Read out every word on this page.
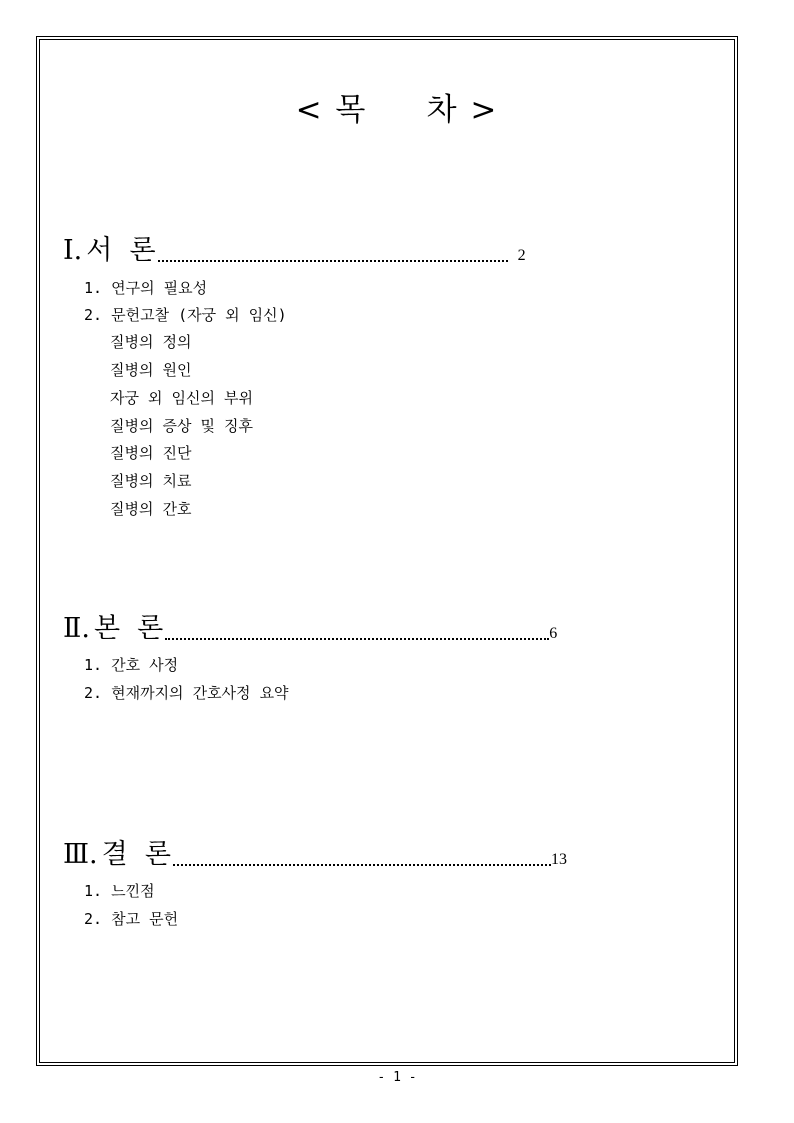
< 목     차 >
Ⅰ. 서  론	2
1. 연구의 필요성
2. 문헌고찰 (자궁 외 임신)
질병의 정의
질병의 원인
자궁 외 임신의 부위
질병의 증상 및 징후
질병의 진단
질병의 치료
질병의 간호
Ⅱ. 본  론	6
1. 간호 사정
2. 현재까지의 간호사정 요약
Ⅲ. 결  론	13
1. 느낀점
2. 참고 문헌
- 1 -
